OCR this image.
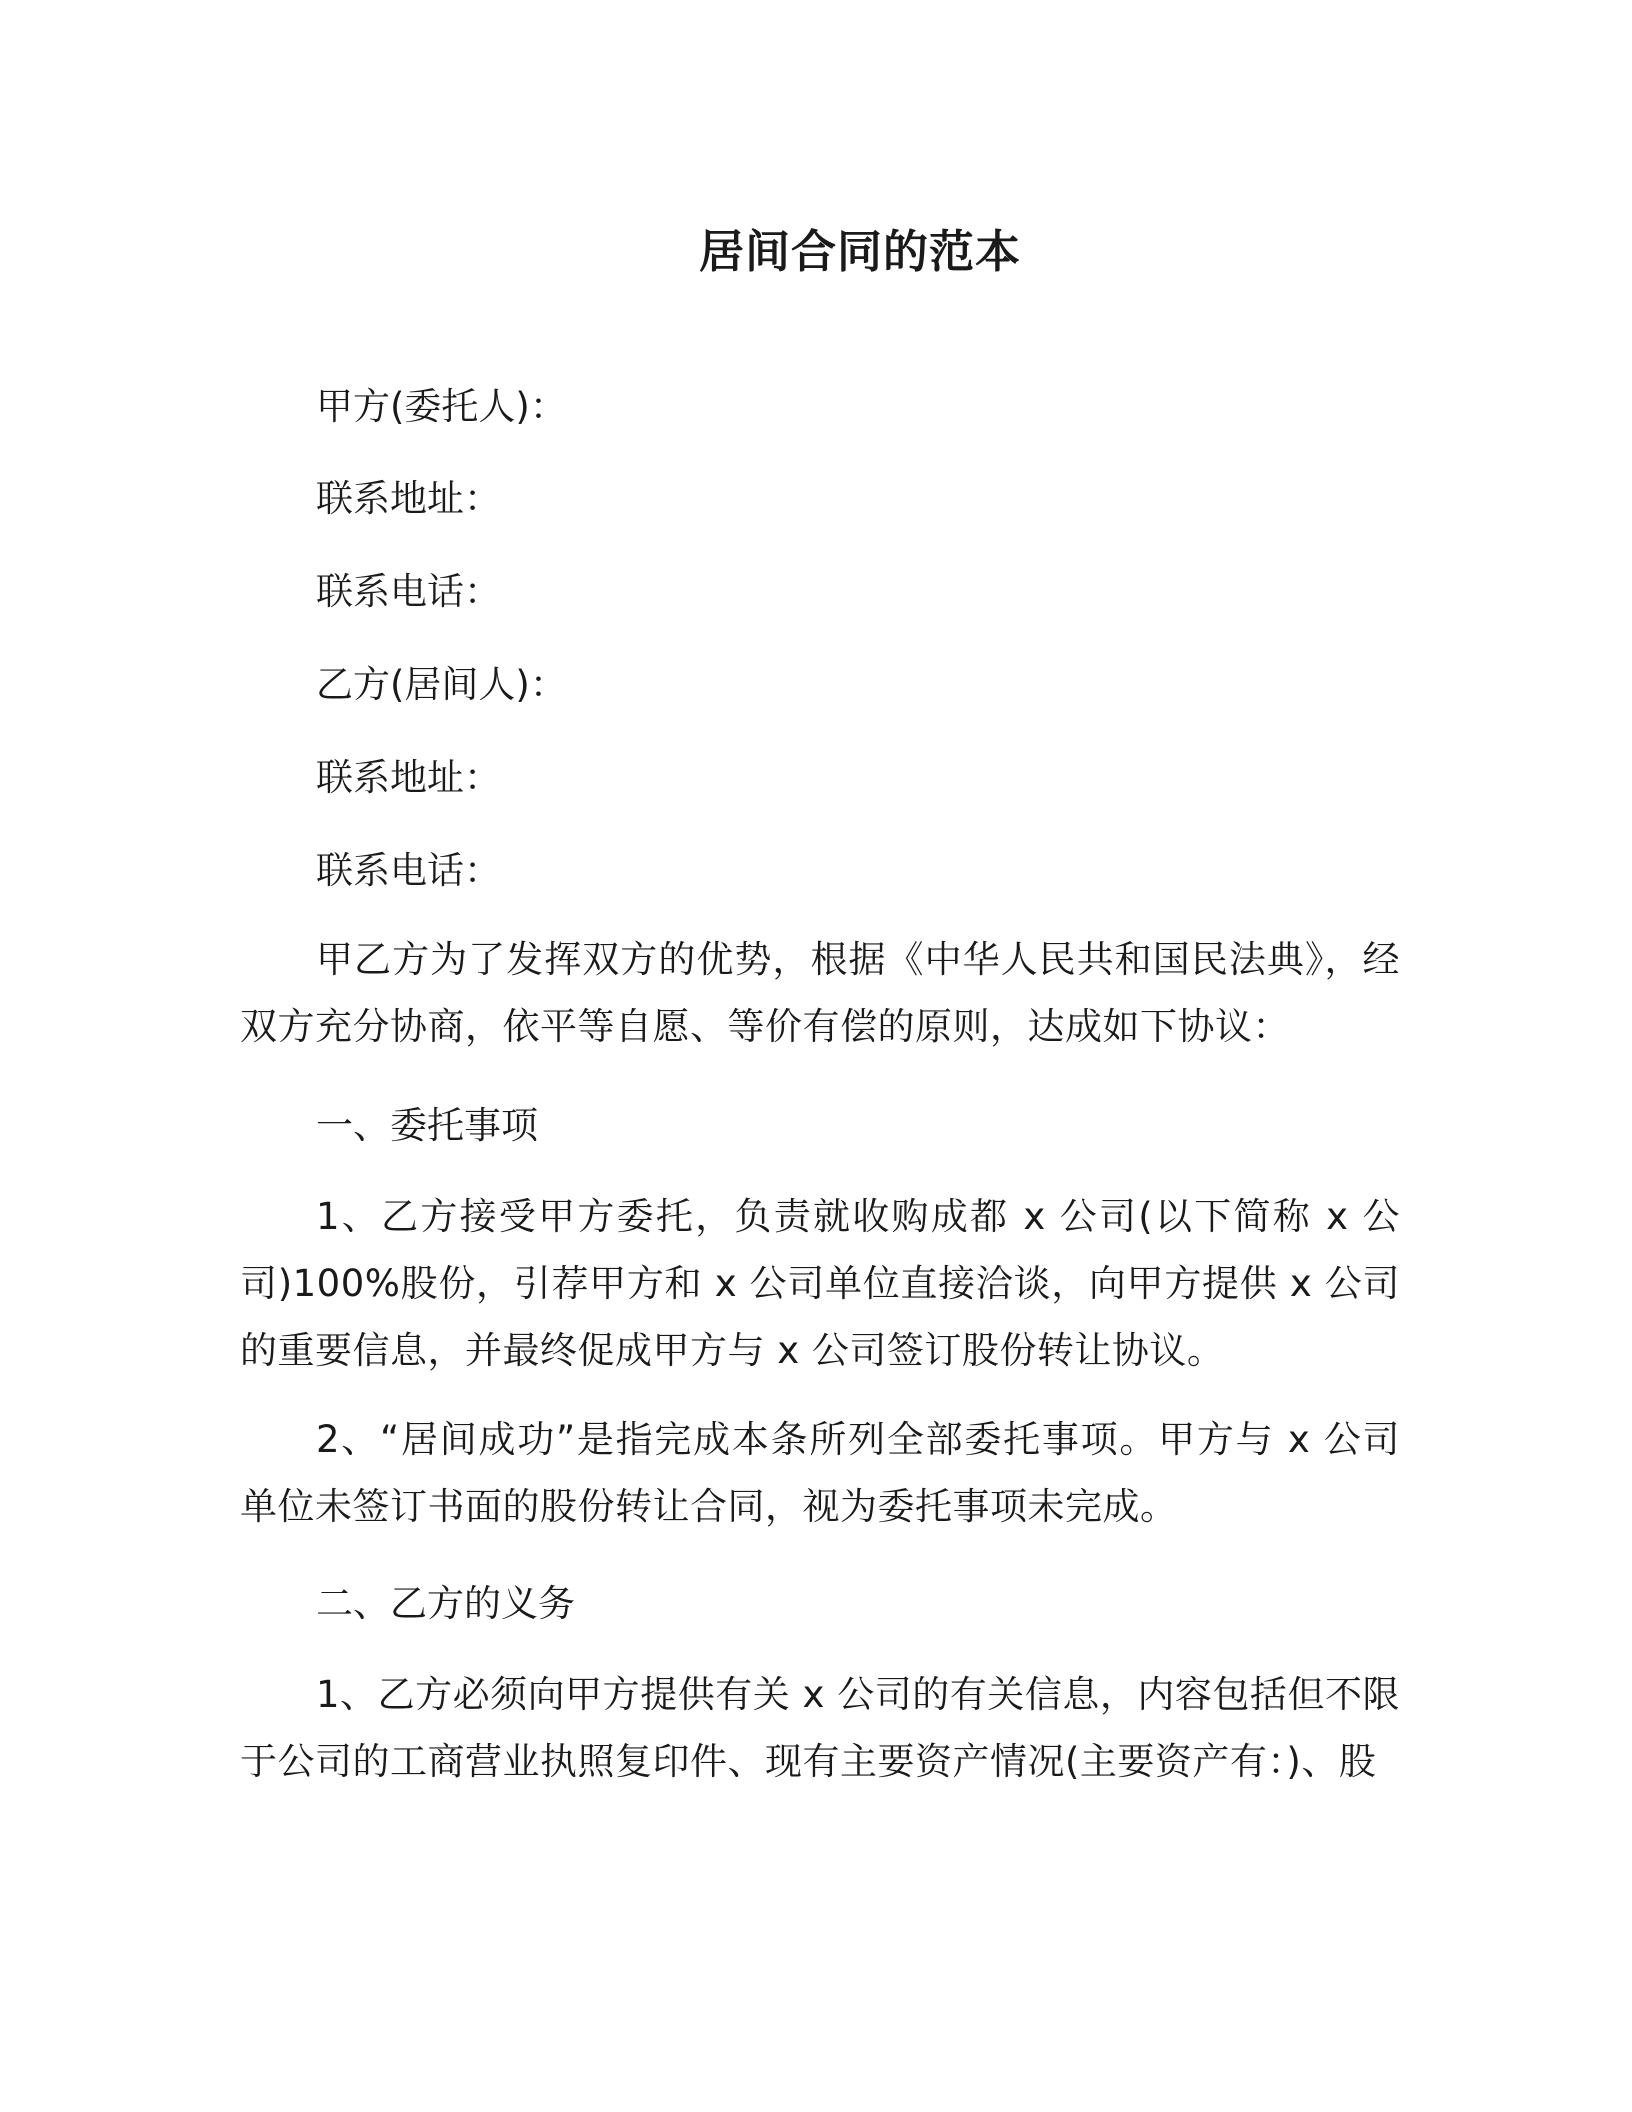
居间合同的范本
甲方(委托人)：
联系地址：
联系电话：
乙方(居间人)：
联系地址：
联系电话：
甲乙方为了发挥双方的优势，根据《中华人民共和国民法典》，经双方充分协商，依平等自愿、等价有偿的原则，达成如下协议：
一、委托事项
1、乙方接受甲方委托，负责就收购成都 x 公司(以下简称 x 公司)100%股份，引荐甲方和 x 公司单位直接洽谈，向甲方提供 x 公司的重要信息，并最终促成甲方与 x 公司签订股份转让协议。
2、“居间成功”是指完成本条所列全部委托事项。甲方与 x 公司单位未签订书面的股份转让合同，视为委托事项未完成。
二、乙方的义务
1、乙方必须向甲方提供有关 x 公司的有关信息，内容包括但不限于公司的工商营业执照复印件、现有主要资产情况(主要资产有：)、股
